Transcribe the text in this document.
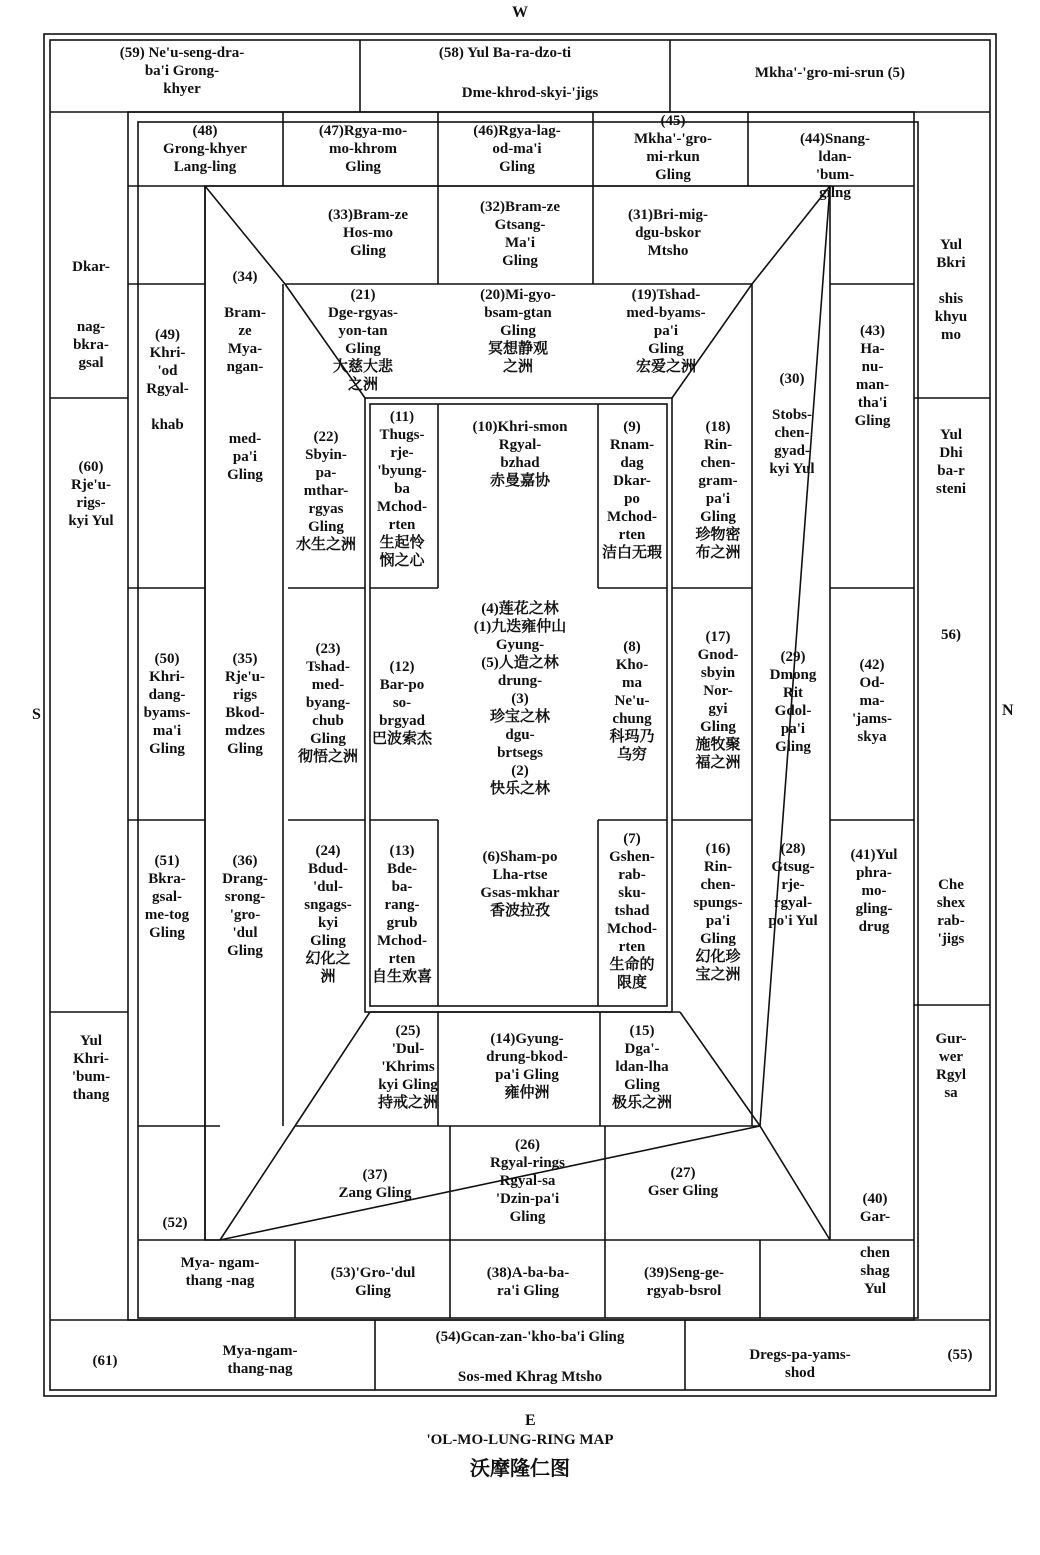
W
E
S	N
(59) Ne'u-seng-dra-
ba'i Grong-
khyer
(58) Yul Ba-ra-dzo-ti
Dme-khrod-skyi-'jigs
Mkha'-'gro-mi-srun (5)
(48)
Grong-khyer
Lang-ling
(47)Rgya-mo-
mo-khrom
Gling
(46)Rgya-lag-
od-ma'i
Gling
(45)
Mkha'-'gro-
mi-rkun
Gling
(44)Snang-
ldan-
'bum-
gilng
(33)Bram-ze
Hos-mo
Gling
(32)Bram-ze
Gtsang-
Ma'i
Gling
(31)Bri-mig-
dgu-bskor
Mtsho
Dkar-
nag-
bkra-
gsal
Yul
Bkri

shis
khyu
mo
(34)

Bram-
ze
Mya-
ngan-

med-
pa'i
Gling
(49)
Khri-
'od
Rgyal-

khab
(21)
Dge-rgyas-
yon-tan
Gling
大慈大悲
之洲
(20)Mi-gyo-
bsam-gtan
Gling
冥想静观
之洲
(19)Tshad-
med-byams-
pa'i
Gling
宏爱之洲
(43)
Ha-
nu-
man-
tha'i
Gling
(30)

Stobs-
chen-
gyad-
kyi Yul
Yul
Dhi
ba-r
steni
(60)
Rje'u-
rigs-
kyi Yul
(22)
Sbyin-
pa-
mthar-
rgyas
Gling
水生之洲
(11)
Thugs-
rje-
'byung-
ba
Mchod-
rten
生起怜
悯之心
(10)Khri-smon
Rgyal-
bzhad
赤曼嘉协
(9)
Rnam-
dag
Dkar-
po
Mchod-
rten
洁白无瑕
(18)
Rin-
chen-
gram-
pa'i
Gling
珍物密
布之洲
56)
(50)
Khri-
dang-
byams-
ma'i
Gling
(35)
Rje'u-
rigs
Bkod-
mdzes
Gling
(23)
Tshad-
med-
byang-
chub
Gling
彻悟之洲
(12)
Bar-po
so-
brgyad
巴波索杰
(4)莲花之林
(1)九迭雍仲山
Gyung-
(5)人造之林
drung-
(3)
珍宝之林
dgu-
brtsegs
(2)
快乐之林
(8)
Kho-
ma
Ne'u-
chung
科玛乃
乌穷
(17)
Gnod-
sbyin
Nor-
gyi
Gling
施牧聚
福之洲
(29)
Dmong
Rit
Gdol-
pa'i
Gling
(42)
Od-
ma-
'jams-
skya
(51)
Bkra-
gsal-
me-tog
Gling
(36)
Drang-
srong-
'gro-
'dul
Gling
(24)
Bdud-
'dul-
sngags-
kyi
Gling
幻化之
洲
(13)
Bde-
ba-
rang-
grub
Mchod-
rten
自生欢喜
(6)Sham-po
Lha-rtse
Gsas-mkhar
香波拉孜
(7)
Gshen-
rab-
sku-
tshad
Mchod-
rten
生命的
限度
(16)
Rin-
chen-
spungs-
pa'i
Gling
幻化珍
宝之洲
(28)
Gtsug-
rje-
rgyal-
po'i Yul
(41)Yul
phra-
mo-
gling-
drug
Che
shex
rab-
'jigs
Yul
Khri-
'bum-
thang
(25)
'Dul-
'Khrims
kyi Gling
持戒之洲
(14)Gyung-
drung-bkod-
pa'i Gling
雍仲洲
(15)
Dga'-
ldan-lha
Gling
极乐之洲
Gur-
wer
Rgyl
sa
(26)
Rgyal-rings
Rgyal-sa
'Dzin-pa'i
Gling
(37)
Zang Gling
(27)
Gser Gling
(52)
(40)
Gar-

chen
shag
Yul
Mya- ngam-
thang -nag	(53)'Gro-'dul
Gling
(38)A-ba-ba-
ra'i Gling
(39)Seng-ge-
rgyab-bsrol
(61)
Mya-ngam-
thang-nag
(54)Gcan-zan-'kho-ba'i Gling
Sos-med Khrag Mtsho
Dregs-pa-yams-
shod
(55)
'OL-MO-LUNG-RING MAP
沃摩隆仁图
